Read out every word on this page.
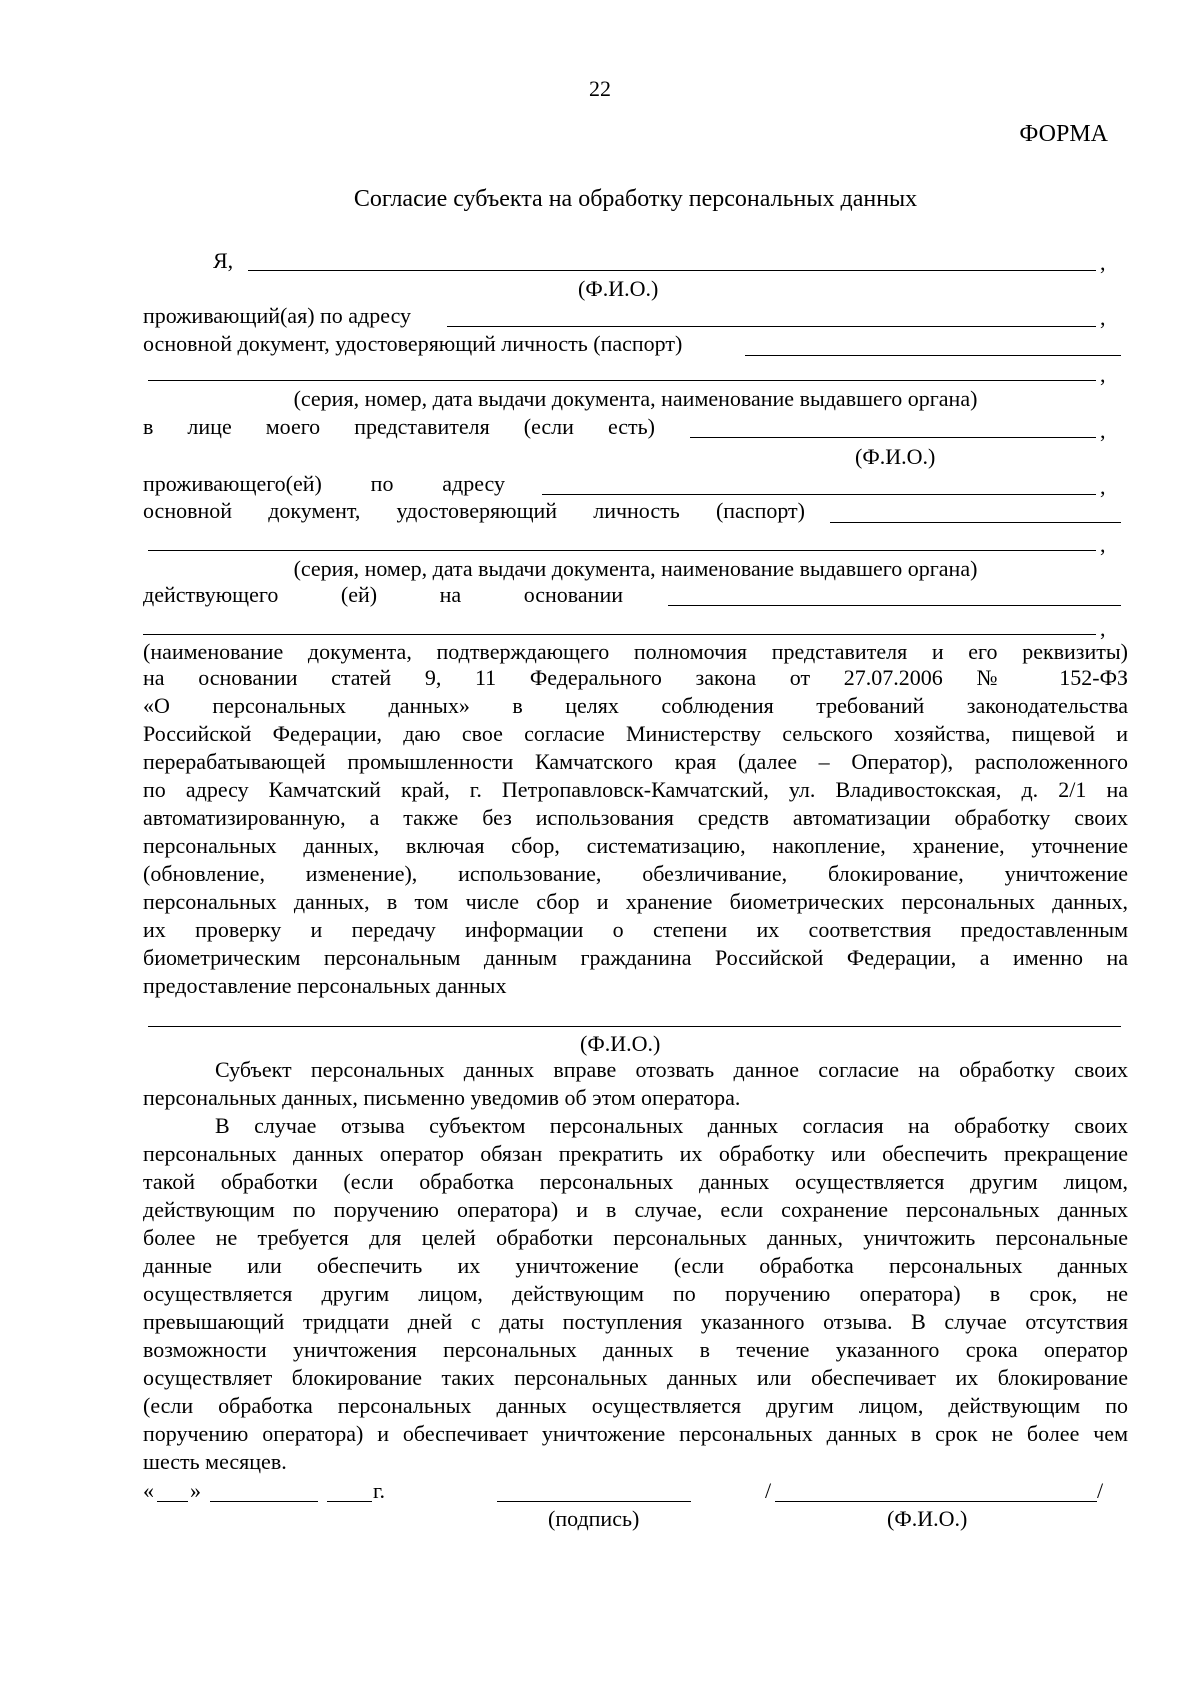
22
ФОРМА
Согласие субъекта на обработку персональных данных
Я,	,
(Ф.И.О.)
проживающий(ая) по адресу	,
основной документ, удостоверяющий личность (паспорт)
,
(серия, номер, дата выдачи документа, наименование выдавшего органа)
в лице моего представителя (если есть)	,
(Ф.И.О.)
проживающего(ей) по адресу	,
основной документ, удостоверяющий личность (паспорт)
,
(серия, номер, дата выдачи документа, наименование выдавшего органа)
действующего	(ей)	на	основании
,
(наименование документа, подтверждающего полномочия представителя и его реквизиты)
на основании статей 9, 11 Федерального закона от 27.07.2006 № 152-ФЗ
«О персональных данных» в целях соблюдения требований законодательства
Российской Федерации, даю свое согласие Министерству сельского хозяйства, пищевой и
перерабатывающей промышленности Камчатского края (далее – Оператор), расположенного
по адресу Камчатский край, г. Петропавловск-Камчатский, ул. Владивостокская, д. 2/1 на
автоматизированную, а также без использования средств автоматизации обработку своих
персональных данных, включая сбор, систематизацию, накопление, хранение, уточнение
(обновление, изменение), использование, обезличивание, блокирование, уничтожение
персональных данных, в том числе сбор и хранение биометрических персональных данных,
их проверку и передачу информации о степени их соответствия предоставленным
биометрическим персональным данным гражданина Российской Федерации, а именно на
предоставление персональных данных
(Ф.И.О.)
Субъект персональных данных вправе отозвать данное согласие на обработку своих
персональных данных, письменно уведомив об этом оператора.
В случае отзыва субъектом персональных данных согласия на обработку своих
персональных данных оператор обязан прекратить их обработку или обеспечить прекращение
такой обработки (если обработка персональных данных осуществляется другим лицом,
действующим по поручению оператора) и в случае, если сохранение персональных данных
более не требуется для целей обработки персональных данных, уничтожить персональные
данные или обеспечить их уничтожение (если обработка персональных данных
осуществляется другим лицом, действующим по поручению оператора) в срок, не
превышающий тридцати дней с даты поступления указанного отзыва. В случае отсутствия
возможности уничтожения персональных данных в течение указанного срока оператор
осуществляет блокирование таких персональных данных или обеспечивает их блокирование
(если обработка персональных данных осуществляется другим лицом, действующим по
поручению оператора) и обеспечивает уничтожение персональных данных в срок не более чем
шесть месяцев.
« »	г.	/	/
(подпись)	(Ф.И.О.)
